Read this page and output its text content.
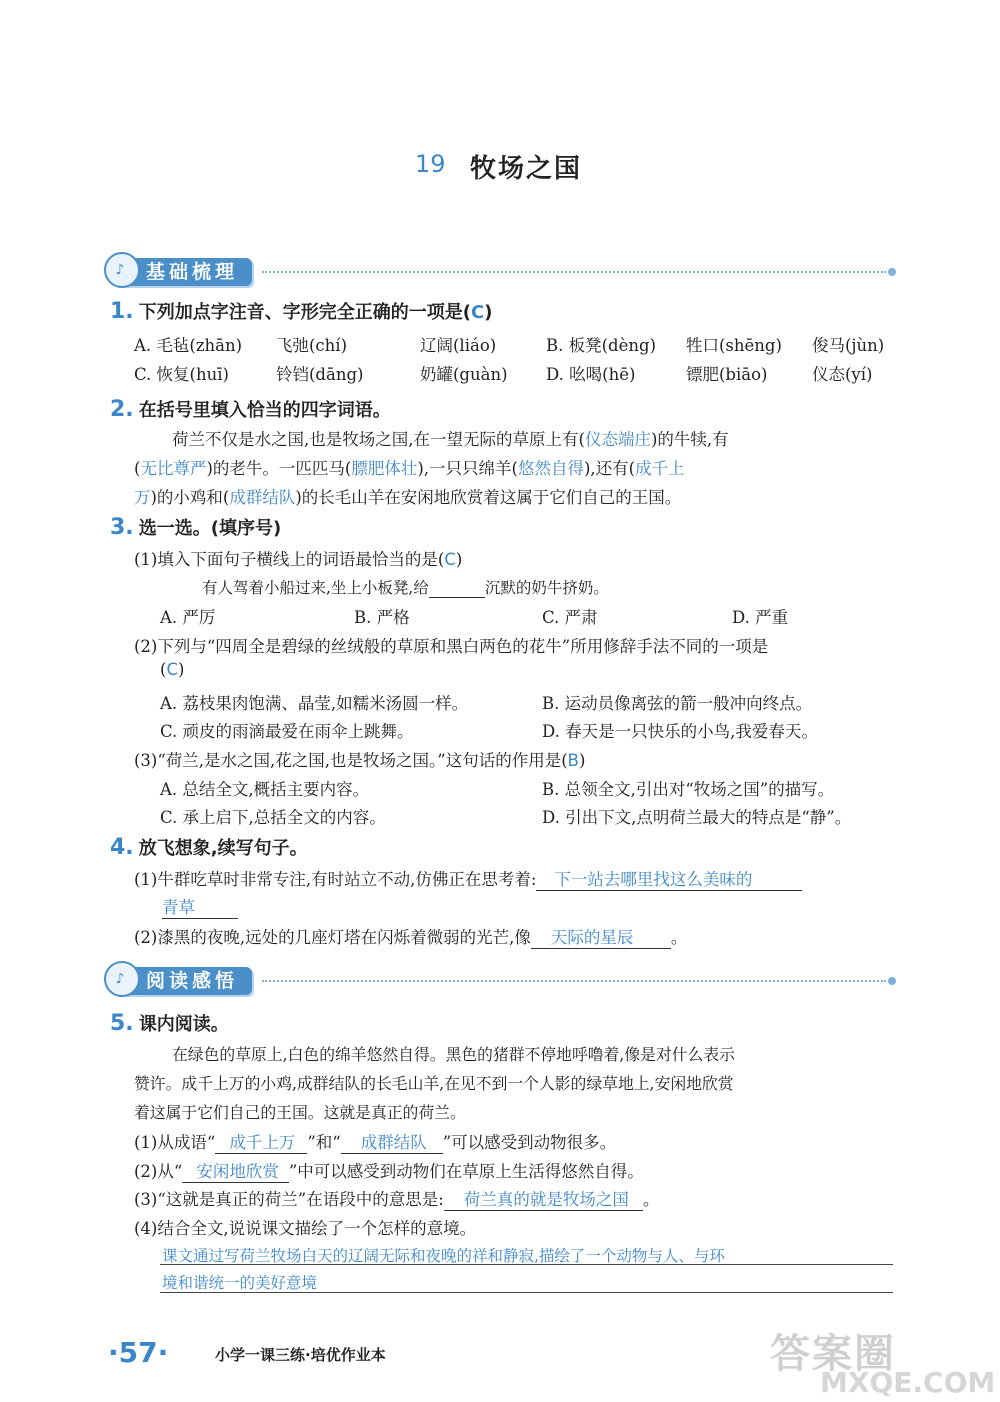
19 牧场之国
♪ 基础梳理
1. 下列加点字注音、字形完全正确的一项是(C)
A. 毛毡(zhān) 飞弛(chí)	辽阔(liáo)	B. 板凳(dèng) 牲口(shēng) 俊马(jùn)
C. 恢复(huī)	铃铛(dāng)	奶罐(guàn) D. 吆喝(hē)	镖肥(biāo)	仪态(yí)
2. 在括号里填入恰当的四字词语。
荷兰不仅是水之国,也是牧场之国,在一望无际的草原上有(仪态端庄)的牛犊,有
(无比尊严)的老牛。一匹匹马(膘肥体壮),一只只绵羊(悠然自得),还有(成千上
万)的小鸡和(成群结队)的长毛山羊在安闲地欣赏着这属于它们自己的王国。
3. 选一选。(填序号)
(1)填入下面句子横线上的词语最恰当的是(C)
有人驾着小船过来,坐上小板凳,给	沉默的奶牛挤奶。
A. 严厉	B. 严格	C. 严肃	D. 严重
(2)下列与“四周全是碧绿的丝绒般的草原和黑白两色的花牛”所用修辞手法不同的一项是
(C)
A. 荔枝果肉饱满、晶莹,如糯米汤圆一样。	B. 运动员像离弦的箭一般冲向终点。
C. 顽皮的雨滴最爱在雨伞上跳舞。	D. 春天是一只快乐的小鸟,我爱春天。
(3)“荷兰,是水之国,花之国,也是牧场之国。”这句话的作用是(B)
A. 总结全文,概括主要内容。	B. 总领全文,引出对“牧场之国”的描写。
C. 承上启下,总括全文的内容。	D. 引出下文,点明荷兰最大的特点是“静”。
4. 放飞想象,续写句子。
(1)牛群吃草时非常专注,有时站立不动,仿佛正在思考着: 下一站去哪里找这么美味的
青草
(2)漆黑的夜晚,远处的几座灯塔在闪烁着微弱的光芒,像 天际的星辰 。
♪ 阅读感悟
5. 课内阅读。
在绿色的草原上,白色的绵羊悠然自得。黑色的猪群不停地呼噜着,像是对什么表示
赞许。成千上万的小鸡,成群结队的长毛山羊,在见不到一个人影的绿草地上,安闲地欣赏
着这属于它们自己的王国。这就是真正的荷兰。
(1)从成语“ 成千上万 ”和“ 成群结队 ”可以感受到动物很多。
(2)从“ 安闲地欣赏 ”中可以感受到动物们在草原上生活得悠然自得。
(3)“这就是真正的荷兰”在语段中的意思是: 荷兰真的就是牧场之国 。
(4)结合全文,说说课文描绘了一个怎样的意境。
课文通过写荷兰牧场白天的辽阔无际和夜晚的祥和静寂,描绘了一个动物与人、与环
境和谐统一的美好意境
·57·	小学一课三练·培优作业本	答案圈
MXQE.COM
